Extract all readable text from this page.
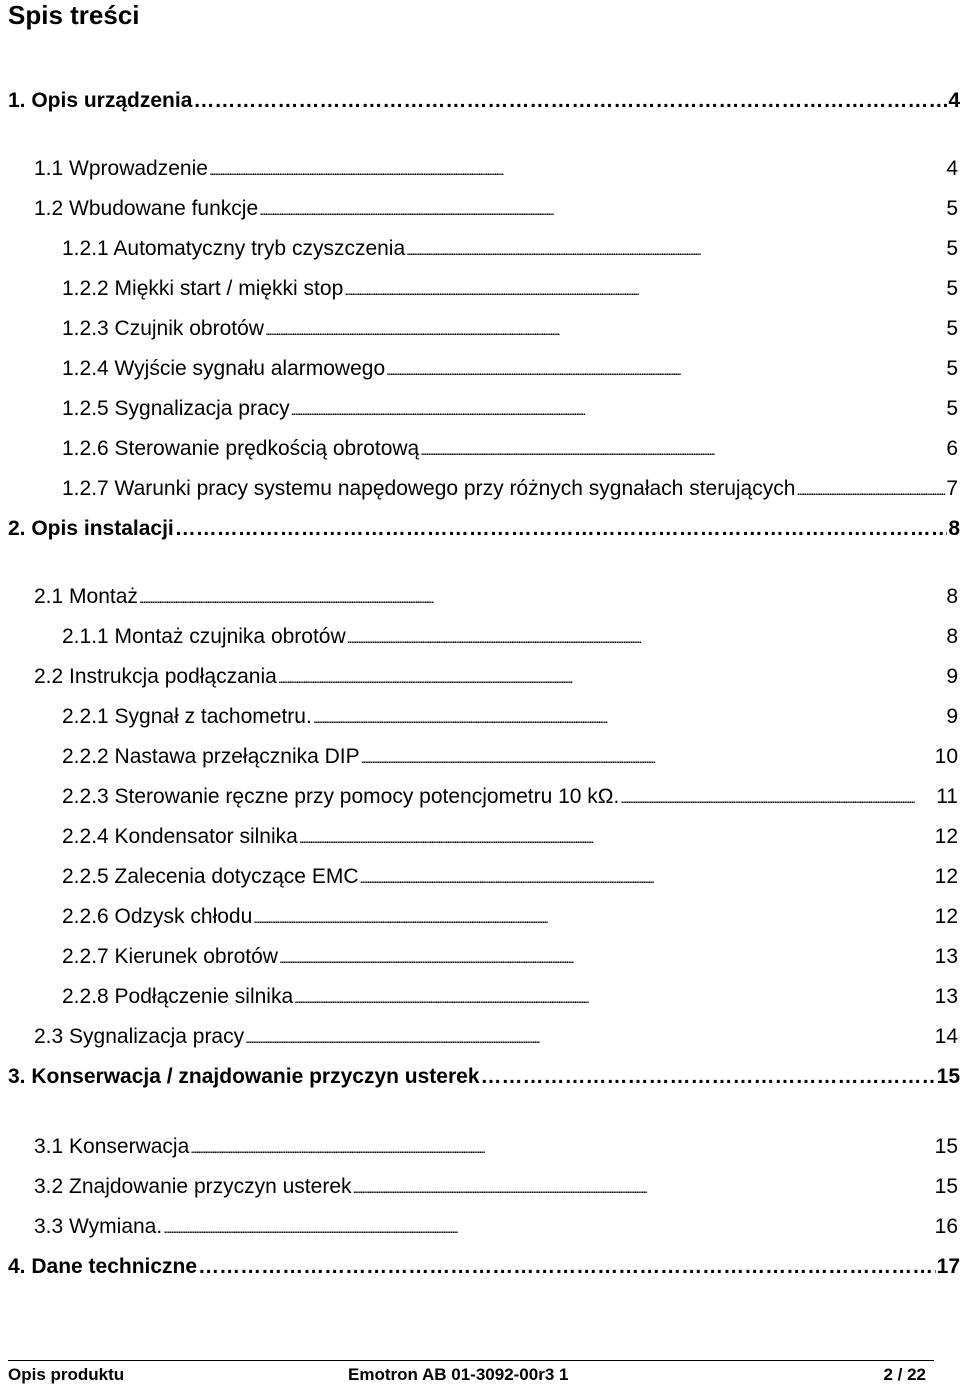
Spis treści
1. Opis urządzenia …………………………………………………………………………………………………………………………………………………………………………………………………	4
1.1 Wprowadzenie . . .	4
1.2 Wbudowane funkcje . . .	5
1.2.1 Automatyczny tryb czyszczenia . . .	5
1.2.2 Miękki start / miękki stop . . .	5
1.2.3 Czujnik obrotów . . .	5
1.2.4 Wyjście sygnału alarmowego . . .	5
1.2.5 Sygnalizacja pracy . . .	5
1.2.6 Sterowanie prędkością obrotową . . .	6
1.2.7 Warunki pracy systemu napędowego przy różnych sygnałach sterujących . . .	7
2. Opis instalacji …………………………………………………………………………………………………………………………………………………………………………………………………	8
2.1 Montaż . . .	8
2.1.1 Montaż czujnika obrotów . . .	8
2.2 Instrukcja podłączania . . .	9
2.2.1 Sygnał z tachometru. . . .	9
2.2.2 Nastawa przełącznika DIP . . .	10
2.2.3 Sterowanie ręczne przy pomocy potencjometru 10 kΩ. . . .	11
2.2.4 Kondensator silnika . . .	12
2.2.5 Zalecenia dotyczące EMC . . .	12
2.2.6 Odzysk chłodu . . .	12
2.2.7 Kierunek obrotów . . .	13
2.2.8 Podłączenie silnika . . .	13
2.3 Sygnalizacja pracy . . .	14
3. Konserwacja / znajdowanie przyczyn usterek …………………………………………………………………………………………………………………………………………………………………………………………………	15
3.1 Konserwacja . . .	15
3.2 Znajdowanie przyczyn usterek . . .	15
3.3 Wymiana. . . .	16
4. Dane techniczne …………………………………………………………………………………………………………………………………………………………………………………………………	17
Opis produktu	Emotron AB 01-3092-00r3 1	2 / 22
